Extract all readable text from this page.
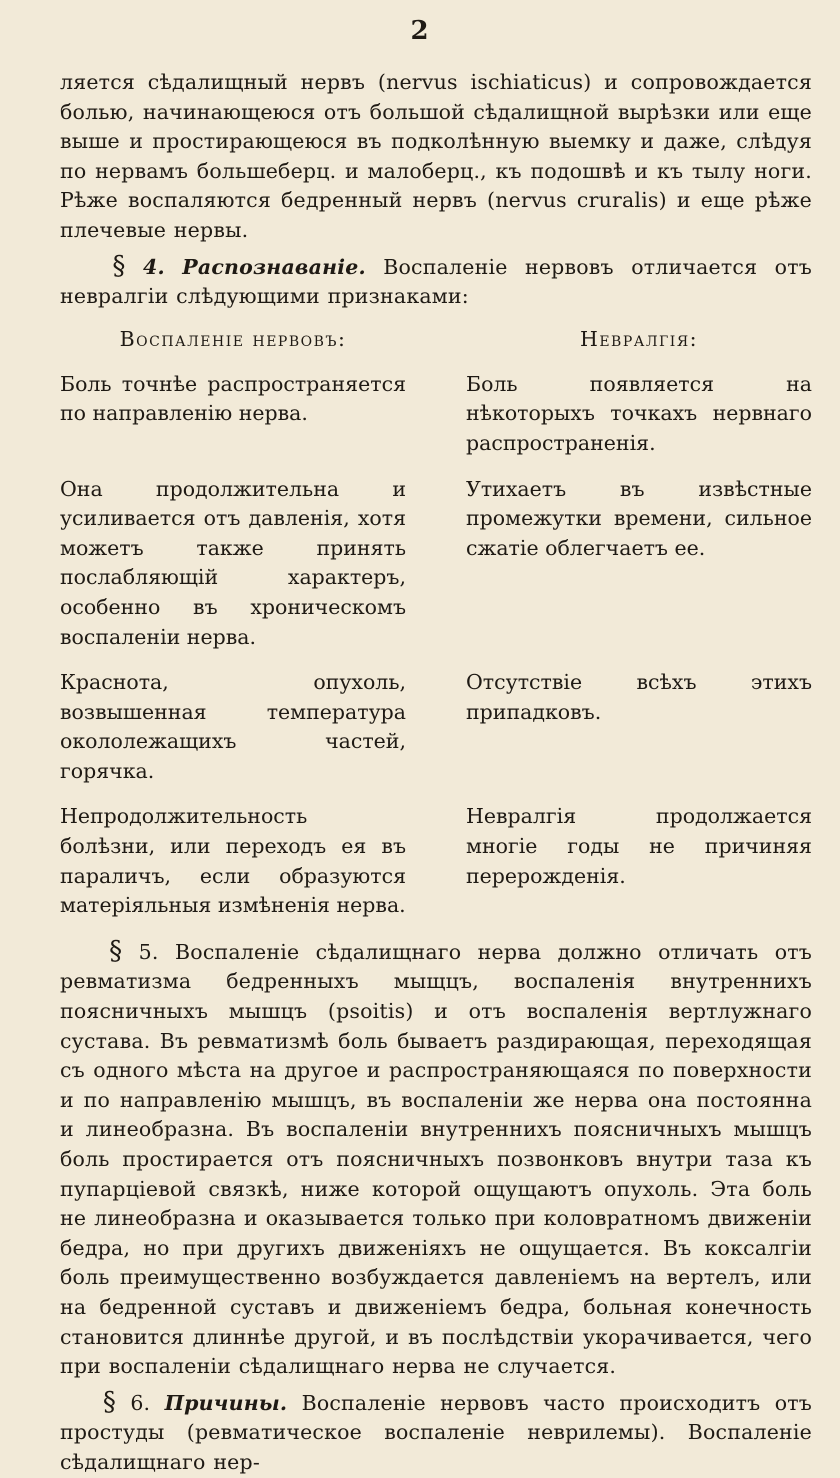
2

ляется сѣдалищный нервъ (nervus ischiaticus) и сопровождается болью, начинающеюся отъ большой сѣдалищной вырѣзки или еще выше и простирающеюся въ подколѣнную выемку и даже, слѣдуя по нервамъ большеберц. и малоберц., къ подошвѣ и къ тылу ноги. Рѣже воспаляются бедренный нервъ (nervus cruralis) и еще рѣже плечевые нервы.

§ 4. Распознаванiе. Воспаленiе нервовъ отличается отъ невралгiи слѣдующими признаками:

Воспаленiе нервовъ:	Невралгiя:
Боль точнѣе распространяется по направленiю нерва.
Боль появляется на нѣкоторыхъ точкахъ нервнаго распространенiя.
Она продолжительна и усиливается отъ давленiя, хотя можетъ также принять послабляющiй характеръ, особенно въ хроническомъ воспаленiи нерва.
Утихаетъ въ извѣстные промежутки времени, сильное сжатiе облегчаетъ ее.
Краснота, опухоль, возвышенная температура окололежащихъ частей, горячка.
Отсутствiе всѣхъ этихъ припадковъ.
Непродолжительность болѣзни, или переходъ ея въ параличъ, если образуются матерiяльныя измѣненiя нерва.
Невралгiя продолжается многiе годы не причиняя перерожденiя.

§ 5. Воспаленiе сѣдалищнаго нерва должно отличать отъ ревматизма бедренныхъ мыщцъ, воспаленiя внутреннихъ поясничныхъ мышцъ (psoitis) и отъ воспаленiя вертлужнаго сустава. Въ ревматизмѣ боль бываетъ раздирающая, переходящая съ одного мѣста на другое и распространяющаяся по поверхности и по направленiю мышцъ, въ воспаленiи же нерва она постоянна и линеобразна. Въ воспаленiи внутреннихъ поясничныхъ мышцъ боль простирается отъ поясничныхъ позвонковъ внутри таза къ пупарцiевой связкѣ, ниже которой ощущаютъ опухоль. Эта боль не линеобразна и оказывается только при коловратномъ движенiи бедра, но при другихъ движенiяхъ не ощущается. Въ коксалгiи боль преимущественно возбуждается давленiемъ на вертелъ, или на бедренной суставъ и движенiемъ бедра, больная конечность становится длиннѣе другой, и въ послѣдствiи укорачивается, чего при воспаленiи сѣдалищнаго нерва не случается.

§ 6. Причины. Воспаленiе нервовъ часто происходитъ отъ простуды (ревматическое воспаленiе неврилемы). Воспаленiе сѣдалищнаго нер-
